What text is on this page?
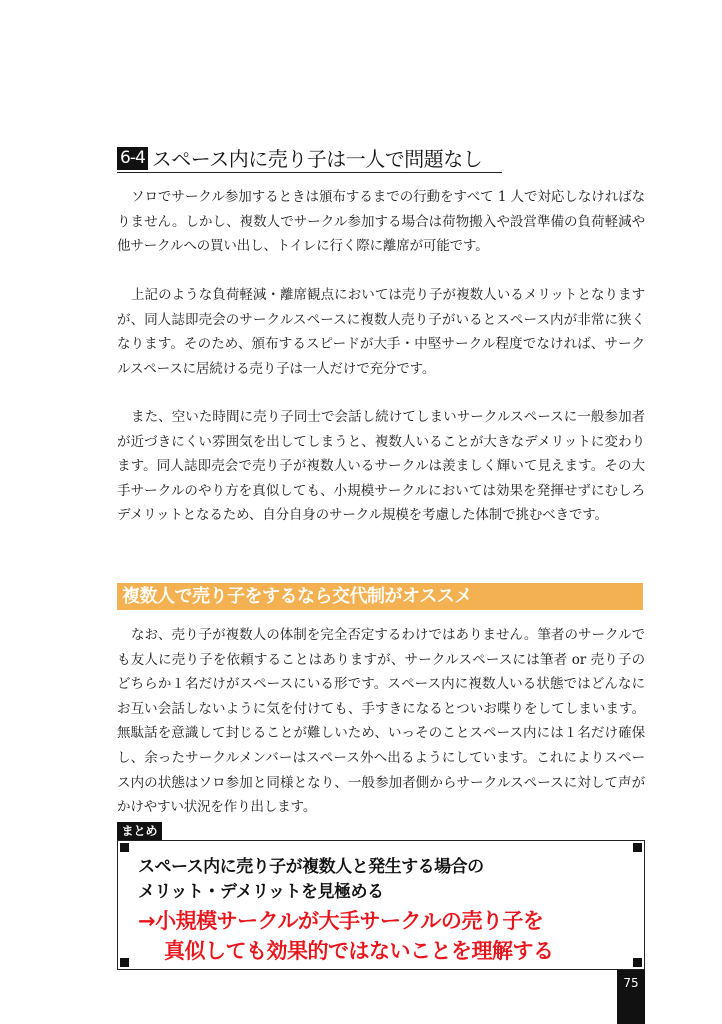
6-4 スペース内に売り子は一人で問題なし

ソロでサークル参加するときは頒布するまでの行動をすべて 1 人で対応しなければなりません。しかし、複数人でサークル参加する場合は荷物搬入や設営準備の負荷軽減や他サークルへの買い出し、トイレに行く際に離席が可能です。

上記のような負荷軽減・離席観点においては売り子が複数人いるメリットとなりますが、同人誌即売会のサークルスペースに複数人売り子がいるとスペース内が非常に狭くなります。そのため、頒布するスピードが大手・中堅サークル程度でなければ、サークルスペースに居続ける売り子は一人だけで充分です。

また、空いた時間に売り子同士で会話し続けてしまいサークルスペースに一般参加者が近づきにくい雰囲気を出してしまうと、複数人いることが大きなデメリットに変わります。同人誌即売会で売り子が複数人いるサークルは羨ましく輝いて見えます。その大手サークルのやり方を真似しても、小規模サークルにおいては効果を発揮せずにむしろデメリットとなるため、自分自身のサークル規模を考慮した体制で挑むべきです。

複数人で売り子をするなら交代制がオススメ

なお、売り子が複数人の体制を完全否定するわけではありません。筆者のサークルでも友人に売り子を依頼することはありますが、サークルスペースには筆者 or 売り子のどちらか１名だけがスペースにいる形です。スペース内に複数人いる状態ではどんなにお互い会話しないように気を付けても、手すきになるとついお喋りをしてしまいます。無駄話を意識して封じることが難しいため、いっそのことスペース内には１名だけ確保し、余ったサークルメンバーはスペース外へ出るようにしています。これによりスペース内の状態はソロ参加と同様となり、一般参加者側からサークルスペースに対して声がかけやすい状況を作り出します。

まとめ
スペース内に売り子が複数人と発生する場合の
メリット・デメリットを見極める
→小規模サークルが大手サークルの売り子を
真似しても効果的ではないことを理解する
75
